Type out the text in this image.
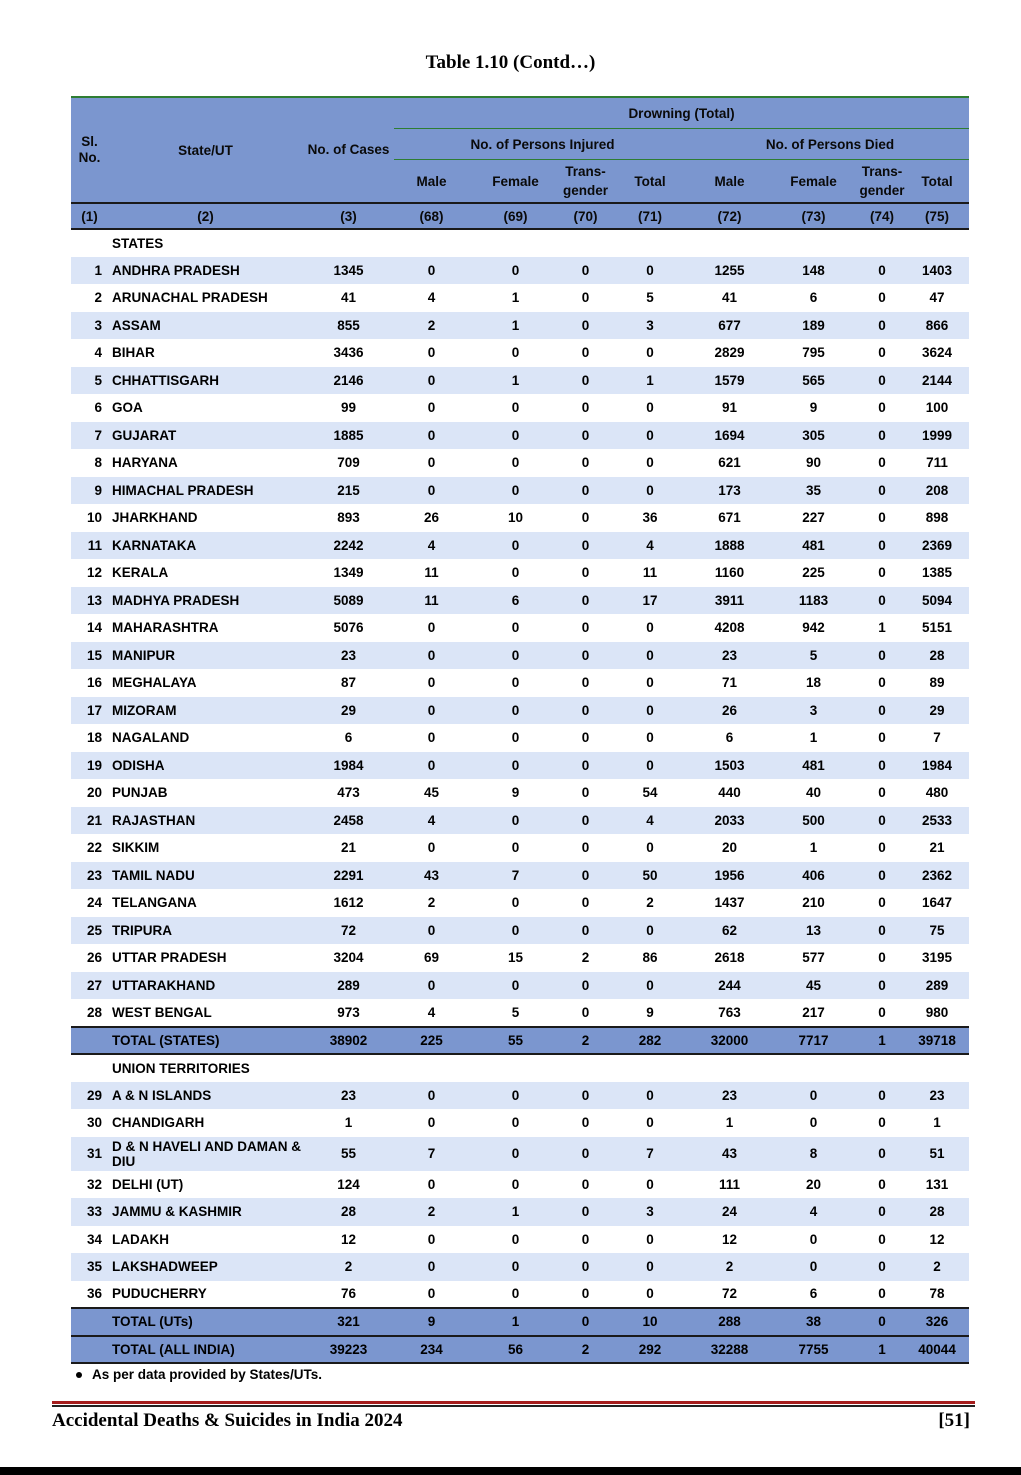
Table 1.10 (Contd…)
Sl. No.	State/UT	No. of Cases	Drowning (Total)							
			No. of Persons Injured				No. of Persons Died			
			Male	Female	Trans- gender	Total	Male	Female	Trans- gender	Total
(1)	(2)	(3)	(68)	(69)	(70)	(71)	(72)	(73)	(74)	(75)
	STATES									
1	ANDHRA PRADESH	1345	0	0	0	0	1255	148	0	1403
2	ARUNACHAL PRADESH	41	4	1	0	5	41	6	0	47
3	ASSAM	855	2	1	0	3	677	189	0	866
4	BIHAR	3436	0	0	0	0	2829	795	0	3624
5	CHHATTISGARH	2146	0	1	0	1	1579	565	0	2144
6	GOA	99	0	0	0	0	91	9	0	100
7	GUJARAT	1885	0	0	0	0	1694	305	0	1999
8	HARYANA	709	0	0	0	0	621	90	0	711
9	HIMACHAL PRADESH	215	0	0	0	0	173	35	0	208
10	JHARKHAND	893	26	10	0	36	671	227	0	898
11	KARNATAKA	2242	4	0	0	4	1888	481	0	2369
12	KERALA	1349	11	0	0	11	1160	225	0	1385
13	MADHYA PRADESH	5089	11	6	0	17	3911	1183	0	5094
14	MAHARASHTRA	5076	0	0	0	0	4208	942	1	5151
15	MANIPUR	23	0	0	0	0	23	5	0	28
16	MEGHALAYA	87	0	0	0	0	71	18	0	89
17	MIZORAM	29	0	0	0	0	26	3	0	29
18	NAGALAND	6	0	0	0	0	6	1	0	7
19	ODISHA	1984	0	0	0	0	1503	481	0	1984
20	PUNJAB	473	45	9	0	54	440	40	0	480
21	RAJASTHAN	2458	4	0	0	4	2033	500	0	2533
22	SIKKIM	21	0	0	0	0	20	1	0	21
23	TAMIL NADU	2291	43	7	0	50	1956	406	0	2362
24	TELANGANA	1612	2	0	0	2	1437	210	0	1647
25	TRIPURA	72	0	0	0	0	62	13	0	75
26	UTTAR PRADESH	3204	69	15	2	86	2618	577	0	3195
27	UTTARAKHAND	289	0	0	0	0	244	45	0	289
28	WEST BENGAL	973	4	5	0	9	763	217	0	980
	TOTAL (STATES)	38902	225	55	2	282	32000	7717	1	39718
	UNION TERRITORIES									
29	A & N ISLANDS	23	0	0	0	0	23	0	0	23
30	CHANDIGARH	1	0	0	0	0	1	0	0	1
31	D & N HAVELI AND DAMAN & DIU	55	7	0	0	7	43	8	0	51
32	DELHI (UT)	124	0	0	0	0	111	20	0	131
33	JAMMU & KASHMIR	28	2	1	0	3	24	4	0	28
34	LADAKH	12	0	0	0	0	12	0	0	12
35	LAKSHADWEEP	2	0	0	0	0	2	0	0	2
36	PUDUCHERRY	76	0	0	0	0	72	6	0	78
	TOTAL (UTs)	321	9	1	0	10	288	38	0	326
	TOTAL (ALL INDIA)	39223	234	56	2	292	32288	7755	1	40044
As per data provided by States/UTs.
Accidental Deaths & Suicides in India 2024	[51]
